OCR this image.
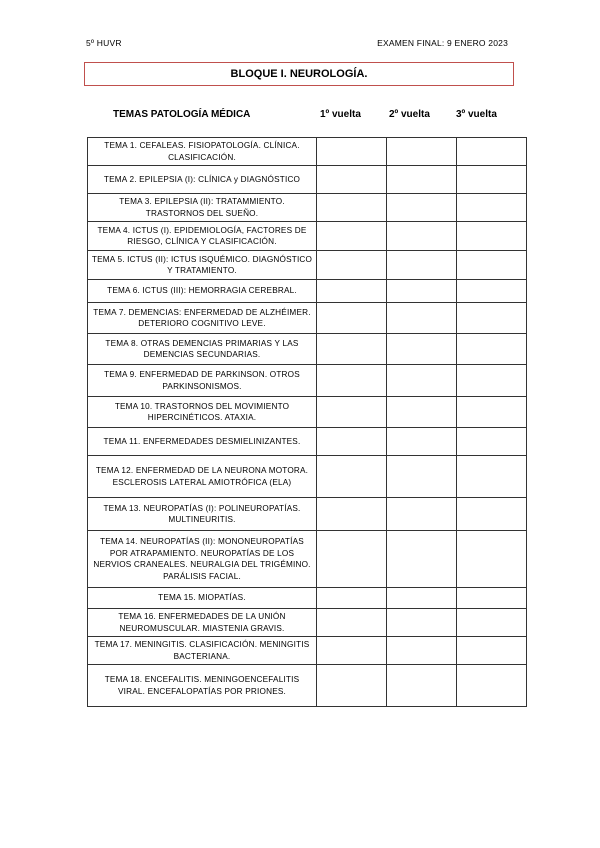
5º HUVR	EXAMEN FINAL: 9 ENERO 2023
BLOQUE I. NEUROLOGÍA.
TEMAS PATOLOGÍA MÉDICA	1º vuelta	2º vuelta	3º vuelta
TEMA 1. CEFALEAS. FISIOPATOLOGÍA. CLÍNICA. CLASIFICACIÓN.			
TEMA 2. EPILEPSIA (I): CLÍNICA y DIAGNÓSTICO			
TEMA 3. EPILEPSIA (II): TRATAMMIENTO. TRASTORNOS DEL SUEÑO.			
TEMA 4. ICTUS (I). EPIDEMIOLOGÍA, FACTORES DE RIESGO, CLÍNICA Y CLASIFICACIÓN.			
TEMA 5. ICTUS (II): ICTUS ISQUÉMICO. DIAGNÓSTICO Y TRATAMIENTO.			
TEMA 6. ICTUS (III): HEMORRAGIA CEREBRAL.			
TEMA 7. DEMENCIAS: ENFERMEDAD DE ALZHÉIMER. DETERIORO COGNITIVO LEVE.			
TEMA 8. OTRAS DEMENCIAS PRIMARIAS Y LAS DEMENCIAS SECUNDARIAS.			
TEMA 9. ENFERMEDAD DE PARKINSON. OTROS PARKINSONISMOS.			
TEMA 10. TRASTORNOS DEL MOVIMIENTO HIPERCINÉTICOS. ATAXIA.			
TEMA 11. ENFERMEDADES DESMIELINIZANTES.			
TEMA 12. ENFERMEDAD DE LA NEURONA MOTORA. ESCLEROSIS LATERAL AMIOTRÓFICA (ELA)			
TEMA 13. NEUROPATÍAS (I): POLINEUROPATÍAS. MULTINEURITIS.			
TEMA 14. NEUROPATÍAS (II): MONONEUROPATÍAS POR ATRAPAMIENTO. NEUROPATÍAS DE LOS NERVIOS CRANEALES. NEURALGIA DEL TRIGÉMINO. PARÁLISIS FACIAL.			
TEMA 15. MIOPATÍAS.			
TEMA 16. ENFERMEDADES DE LA UNIÓN NEUROMUSCULAR. MIASTENIA GRAVIS.			
TEMA 17. MENINGITIS. CLASIFICACIÓN. MENINGITIS BACTERIANA.			
TEMA 18. ENCEFALITIS. MENINGOENCEFALITIS VIRAL. ENCEFALOPATÍAS POR PRIONES.			
